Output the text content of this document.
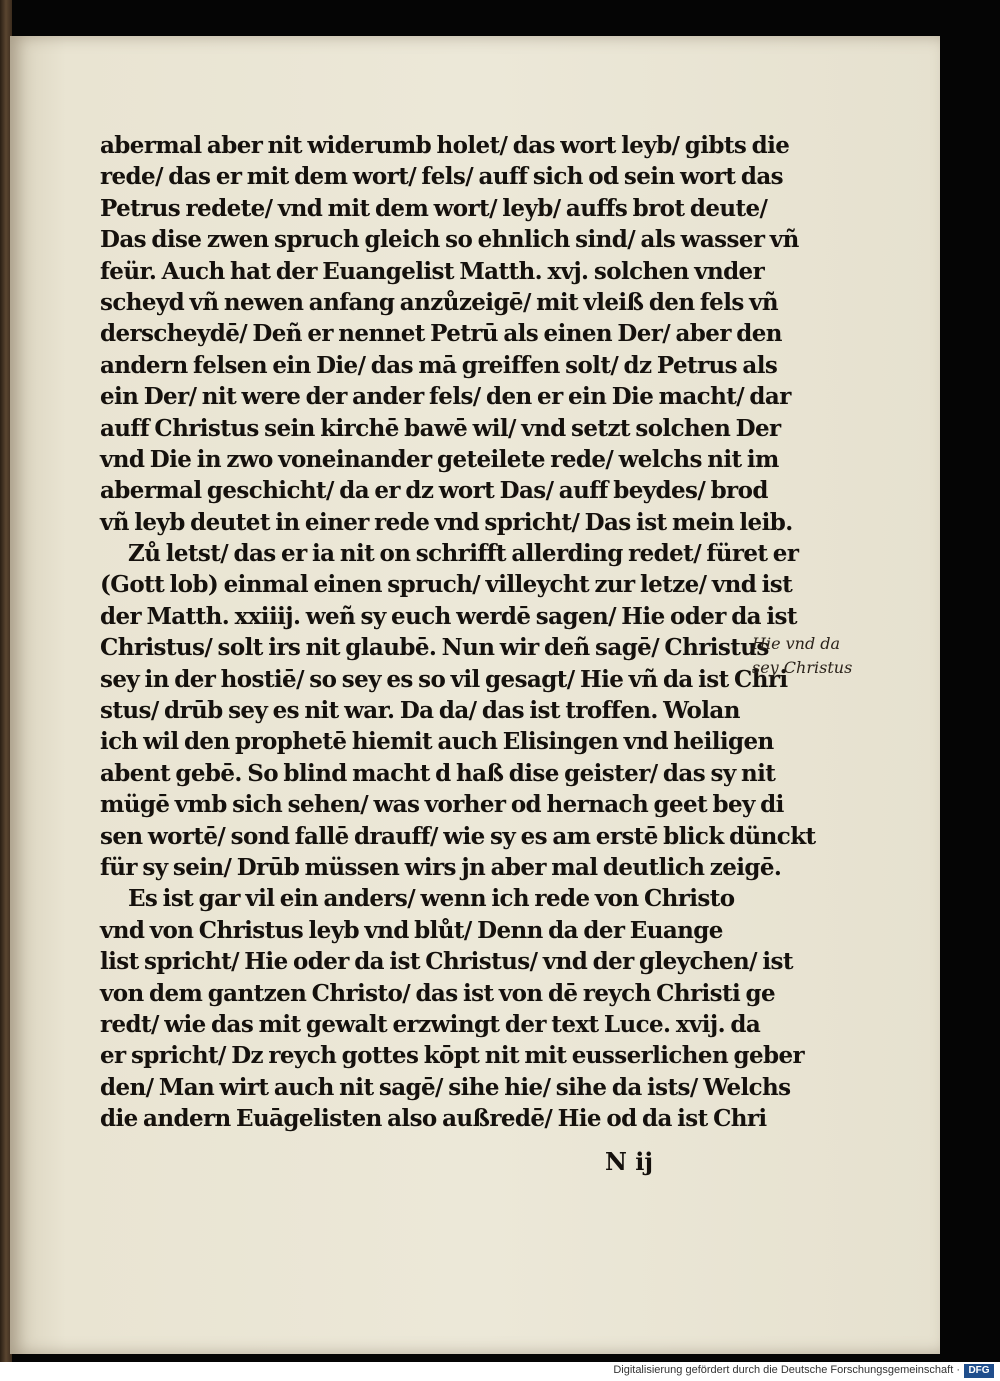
abermal aber nit widerumb holet/ das wort leyb/ gibts die
rede/ das er mit dem wort/ fels/ auff sich od sein wort das
Petrus redete/ vnd mit dem wort/ leyb/ auffs brot deute/
Das dise zwen spruch gleich so ehnlich sind/ als wasser vñ
feür. Auch hat der Euangelist Matth. xvj. solchen vnder
scheyd vñ newen anfang anzůzeigē/ mit vleiß den fels vñ
derscheydē/ Deñ er nennet Petrū als einen Der/ aber den
andern felsen ein Die/ das mā greiffen solt/ dz Petrus als
ein Der/ nit were der ander fels/ den er ein Die macht/ dar
auff Christus sein kirchē bawē wil/ vnd setzt solchen Der
vnd Die in zwo voneinander geteilete rede/ welchs nit im
abermal geschicht/ da er dz wort Das/ auff beydes/ brod
vñ leyb deutet in einer rede vnd spricht/ Das ist mein leib.
Zů letst/ das er ia nit on schrifft allerding redet/ füret er
(Gott lob) einmal einen spruch/ villeycht zur letze/ vnd ist
der Matth. xxiiij. weñ sy euch werdē sagen/ Hie oder da ist
Christus/ solt irs nit glaubē. Nun wir deñ sagē/ Christus
sey in der hostiē/ so sey es so vil gesagt/ Hie vñ da ist Chri
stus/ drūb sey es nit war. Da da/ das ist troffen. Wolan
ich wil den prophetē hiemit auch Elisingen vnd heiligen
abent gebē. So blind macht d haß dise geister/ das sy nit
mügē vmb sich sehen/ was vorher od hernach geet bey di
sen wortē/ sond fallē drauff/ wie sy es am erstē blick dünckt
für sy sein/ Drūb müssen wirs jn aber mal deutlich zeigē.
Es ist gar vil ein anders/ wenn ich rede von Christo
vnd von Christus leyb vnd blůt/ Denn da der Euange
list spricht/ Hie oder da ist Christus/ vnd der gleychen/ ist
von dem gantzen Christo/ das ist von dē reych Christi ge
redt/ wie das mit gewalt erzwingt der text Luce. xvij. da
er spricht/ Dz reych gottes kōpt nit mit eusserlichen geber
den/ Man wirt auch nit sagē/ sihe hie/ sihe da ists/ Welchs
die andern Euāgelisten also außredē/ Hie od da ist Chri
Hie vnd da
sey Christus
N ij
Digitalisierung gefördert durch die Deutsche Forschungsgemeinschaft · DFG
